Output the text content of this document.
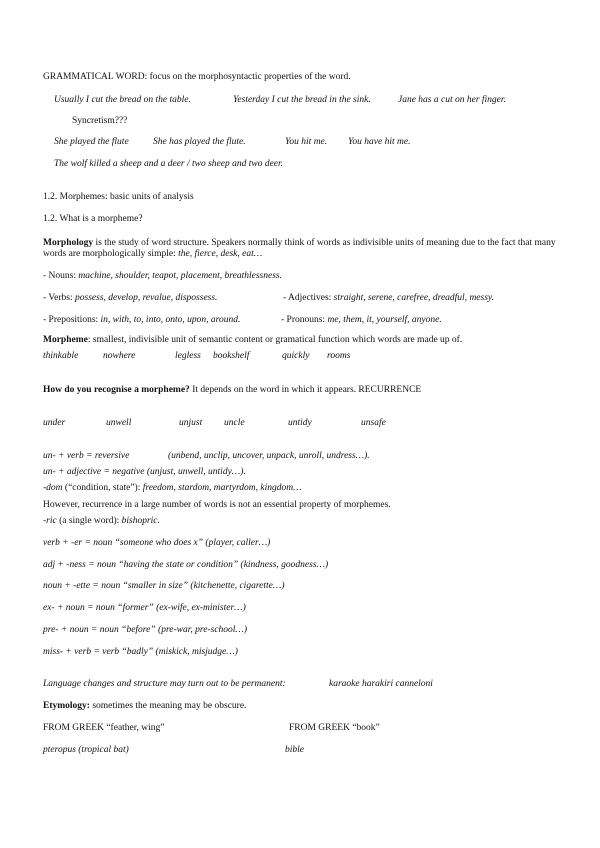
GRAMMATICAL WORD: focus on the morphosyntactic properties of the word.
Usually I cut the bread on the table.	Yesterday I cut the bread in the sink.	Jane has a cut on her finger.
Syncretism???
She played the flute	She has played the flute.	You hit me. You have hit me.
The wolf killed a sheep and a deer / two sheep and two deer.
1.2. Morphemes: basic units of analysis
1.2. What is a morpheme?
Morphology is the study of word structure. Speakers normally think of words as indivisible units of meaning due to the fact that many words are morphologically simple: the, fierce, desk, eat…
- Nouns: machine, shoulder, teapot, placement, breathlessness.
- Verbs: possess, develop, revalue, dispossess.	- Adjectives: straight, serene, carefree, dreadful, messy.
- Prepositions: in, with, to, into, onto, upon, around.	- Pronouns: me, them, it, yourself, anyone.
Morpheme: smallest, indivisible unit of semantic content or gramatical function which words are made up of.
thinkable	nowhere	legless bookshelf	quickly rooms
How do you recognise a morpheme? It depends on the word in which it appears. RECURRENCE
under	unwell	unjust uncle	untidy	unsafe
un- + verb = reversive	(unbend, unclip, uncover, unpack, unroll, undress…).
un- + adjective = negative (unjust, unwell, untidy…).
-dom (“condition, state”): freedom, stardom, martyrdom, kingdom…
However, recurrence in a large number of words is not an essential property of morphemes.
-ric (a single word): bishopric.
verb + -er = noun “someone who does x” (player, caller…)
adj + -ness = noun “having the state or condition” (kindness, goodness…)
noun + -ette = noun “smaller in size” (kitchenette, cigarette…)
ex- + noun = noun “former” (ex-wife, ex-minister…)
pre- + noun = noun “before” (pre-war, pre-school…)
miss- + verb = verb “badly” (miskick, misjudge…)
Language changes and structure may turn out to be permanent:	karaoke harakiri canneloni
Etymology: sometimes the meaning may be obscure.
FROM GREEK “feather, wing”	FROM GREEK “book”
pteropus (tropical bat)	bible
